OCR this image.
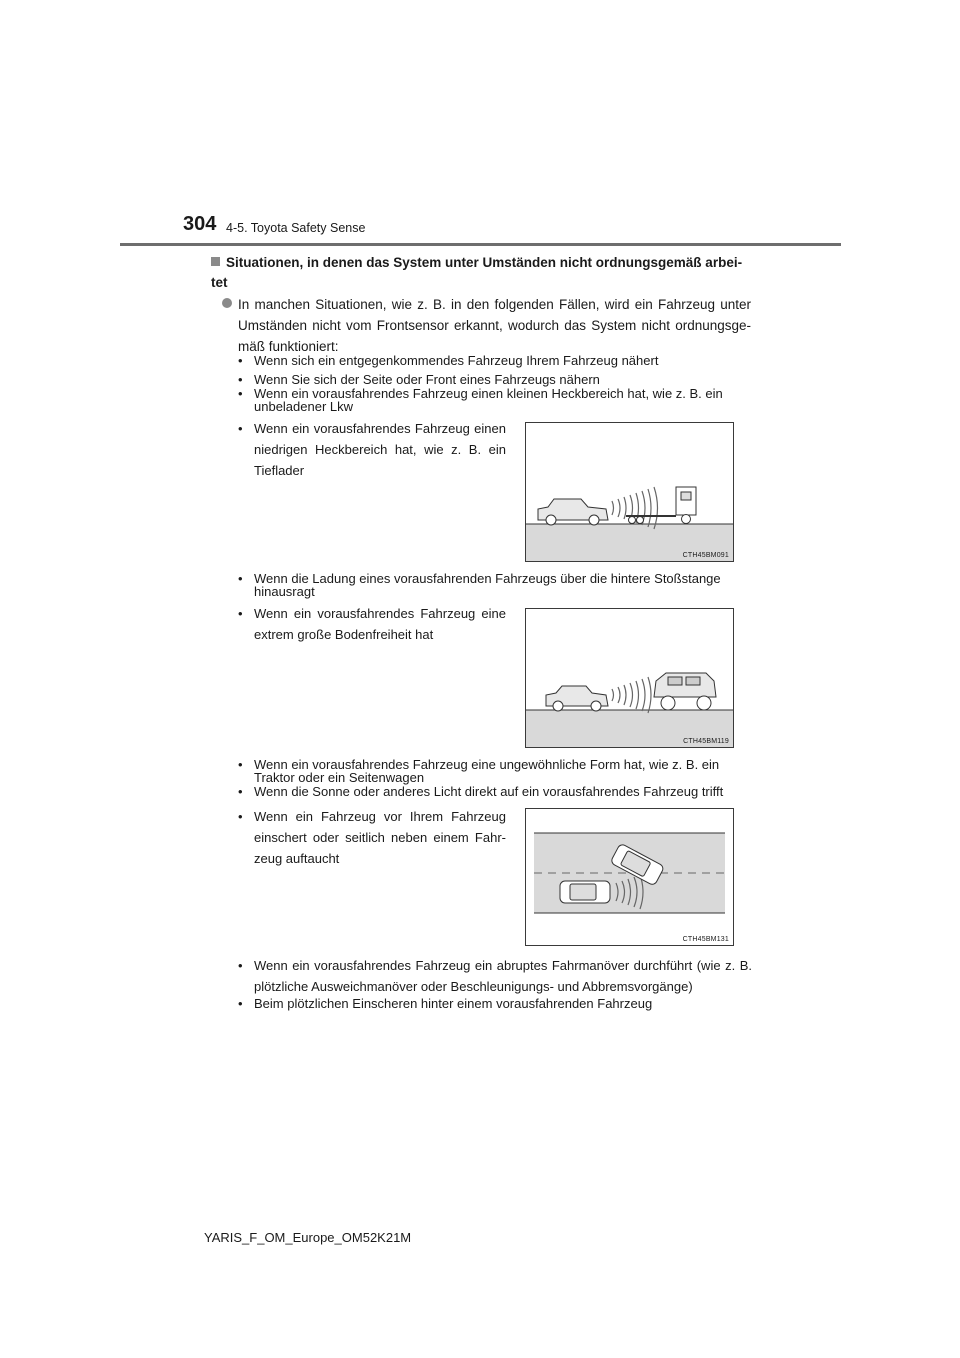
304 4-5. Toyota Safety Sense
Situationen, in denen das System unter Umständen nicht ordnungsgemäß arbei-tet
In manchen Situationen, wie z. B. in den folgenden Fällen, wird ein Fahrzeug unter Umständen nicht vom Frontsensor erkannt, wodurch das System nicht ordnungsge-mäß funktioniert:
• Wenn sich ein entgegenkommendes Fahrzeug Ihrem Fahrzeug nähert
• Wenn Sie sich der Seite oder Front eines Fahrzeugs nähern
• Wenn ein vorausfahrendes Fahrzeug einen kleinen Heckbereich hat, wie z. B. ein unbeladener Lkw
• Wenn ein vorausfahrendes Fahrzeug einen niedrigen Heckbereich hat, wie z. B. ein Tieflader
CTH45BM091
• Wenn die Ladung eines vorausfahrenden Fahrzeugs über die hintere Stoßstange hinausragt
• Wenn ein vorausfahrendes Fahrzeug eine extrem große Bodenfreiheit hat
CTH45BM119
• Wenn ein vorausfahrendes Fahrzeug eine ungewöhnliche Form hat, wie z. B. ein Traktor oder ein Seitenwagen
• Wenn die Sonne oder anderes Licht direkt auf ein vorausfahrendes Fahrzeug trifft
• Wenn ein Fahrzeug vor Ihrem Fahrzeug einschert oder seitlich neben einem Fahr-zeug auftaucht
CTH45BM131
• Wenn ein vorausfahrendes Fahrzeug ein abruptes Fahrmanöver durchführt (wie z. B. plötzliche Ausweichmanöver oder Beschleunigungs- und Abbremsvorgänge)
• Beim plötzlichen Einscheren hinter einem vorausfahrenden Fahrzeug
YARIS_F_OM_Europe_OM52K21M
